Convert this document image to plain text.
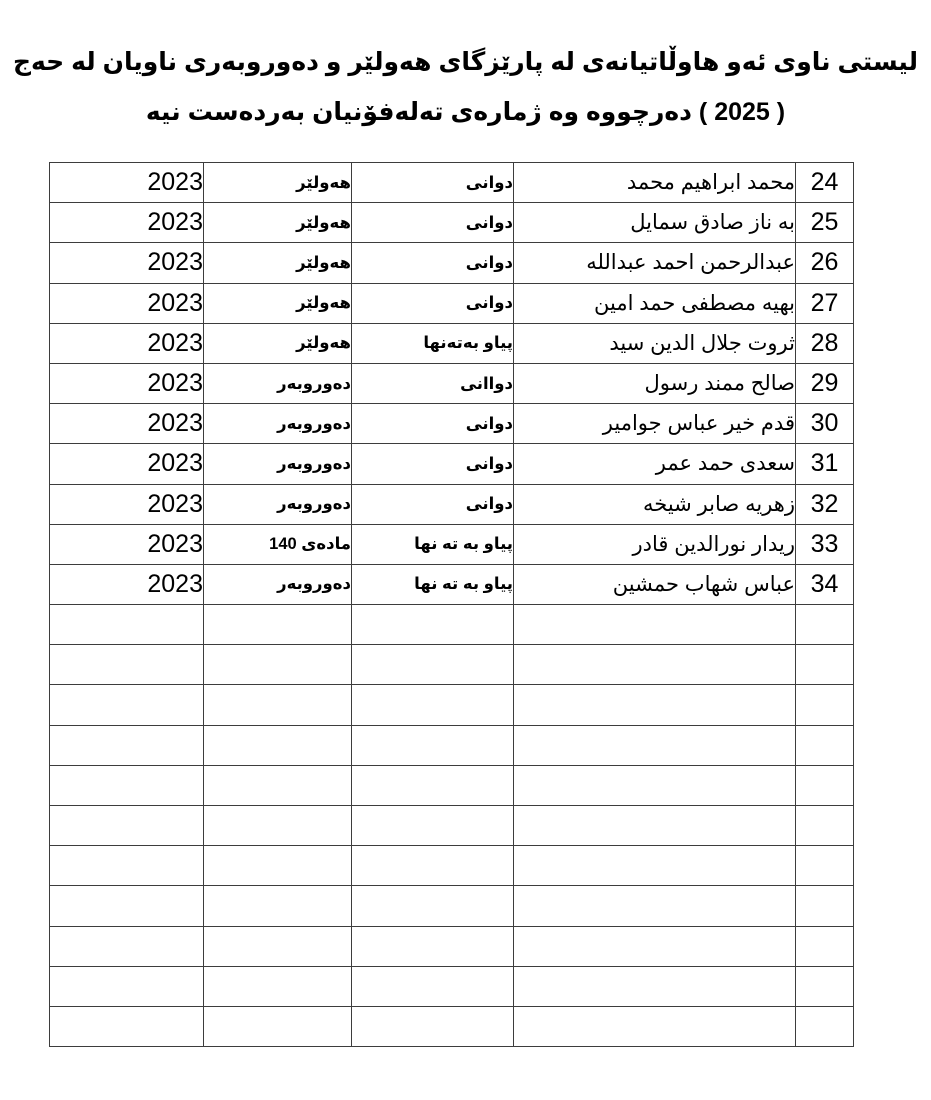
لیستی ناوی ئەو هاوڵاتیانەی له پارێزگای هەولێر و دەوروبەری ناویان له حەج
( 2025 ) دەرچووە وە ژمارەی تەلەفۆنیان بەردەست نیە
24	محمد ابراهيم محمد	دوانی	هەولێر	2023
25	بە ناز صادق سمايل	دوانی	هەولێر	2023
26	عبدالرحمن احمد عبدالله	دوانی	هەولێر	2023
27	بهيه مصطفى حمد امين	دوانی	هەولێر	2023
28	ثروت جلال الدين سيد	پیاو بەتەنها	هەولێر	2023
29	صالح ممند رسول	دواانی	دەوروبەر	2023
30	قدم خير عباس جوامير	دوانی	دەوروبەر	2023
31	سعدى حمد عمر	دوانی	دەوروبەر	2023
32	زهريه صابر شيخه	دوانی	دەوروبەر	2023
33	ريدار نورالدين قادر	پیاو بە تە نها	مادەی 140	2023
34	عباس شهاب حمشين	پیاو بە تە نها	دەوروبەر	2023
